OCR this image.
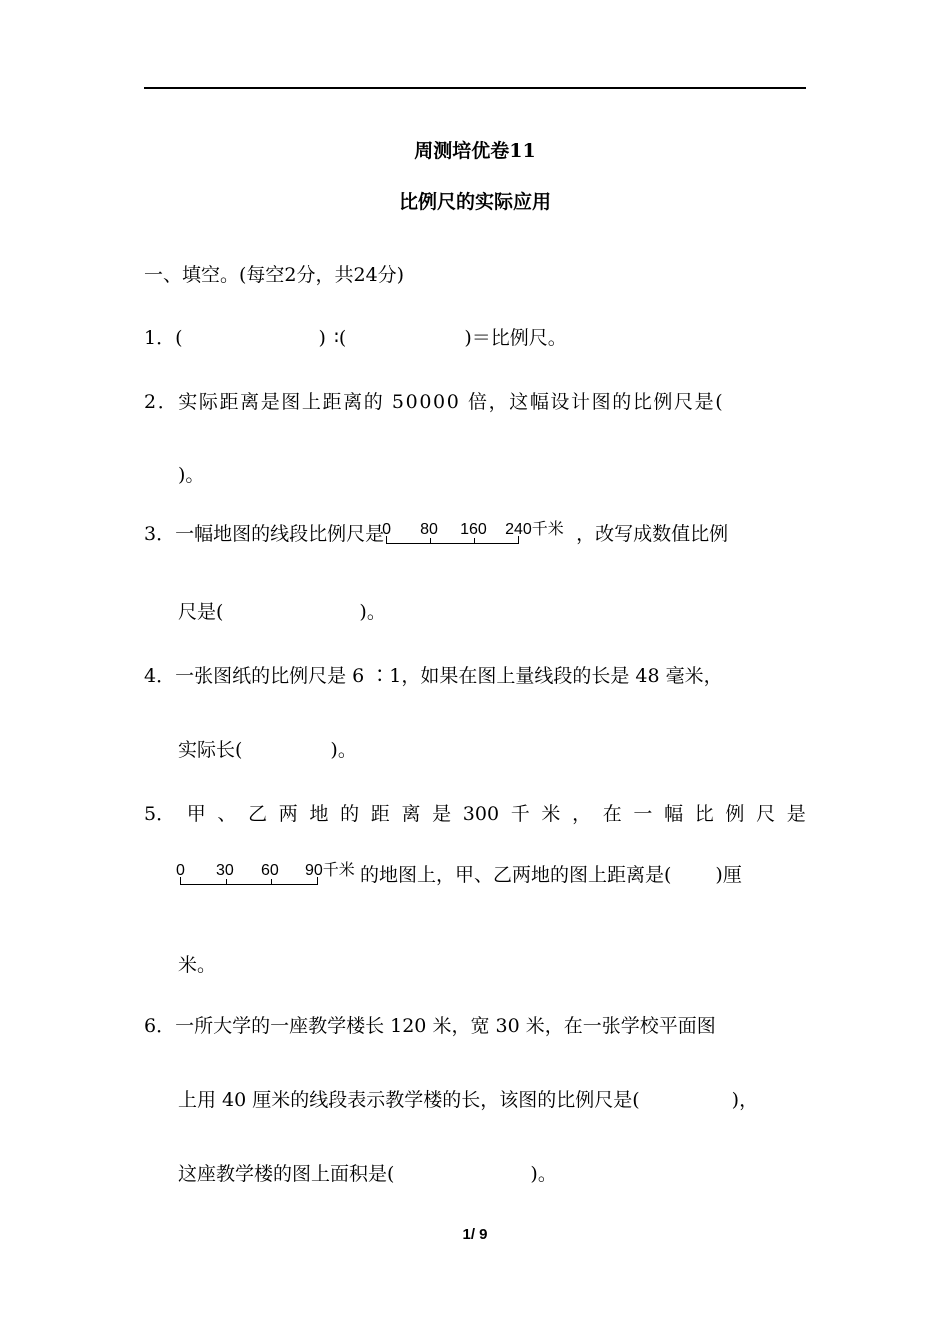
周测培优卷11
比例尺的实际应用
一、填空。(每空2分，共24分)
1．(	) ∶(	)＝比例尺。
2．实际距离是图上距离的 50000 倍，这幅设计图的比例尺是(
)。
3．一幅地图的线段比例尺是
0 80 160 240千米 ，改写成数值比例
尺是(	)。
4．一张图纸的比例尺是 6 ∶1，如果在图上量线段的长是 48 毫米，
实际长(	)。
5． 甲 、 乙 两 地 的 距 离 是 300 千 米 ， 在 一 幅 比 例 尺 是
0 30 60 90千米 的地图上，甲、乙两地的图上距离是( )厘
米。
6．一所大学的一座教学楼长 120 米，宽 30 米，在一张学校平面图
上用 40 厘米的线段表示教学楼的长，该图的比例尺是(	)，
这座教学楼的图上面积是(	)。
1/ 9
